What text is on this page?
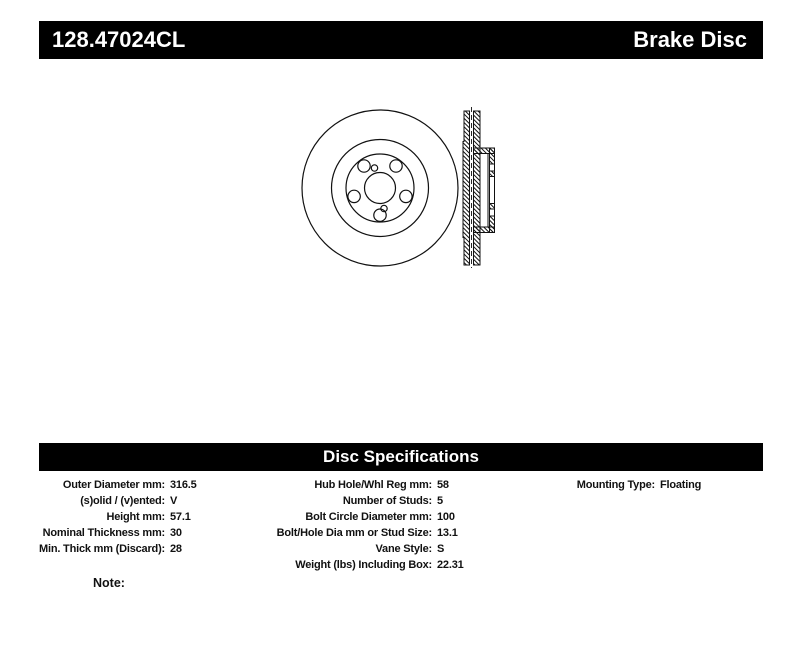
128.47024CL	Brake Disc
Disc Specifications
Outer Diameter mm:
(s)olid / (v)ented:
Height mm:
Nominal Thickness mm:
Min. Thick mm (Discard):
316.5
V
57.1
30
28
Hub Hole/Whl Reg mm:
Number of Studs:
Bolt Circle Diameter mm:
Bolt/Hole Dia mm or Stud Size:
Vane Style:
Weight (lbs) Including Box:
58
5
100
13.1
S
22.31
Mounting Type: Floating
Note:
